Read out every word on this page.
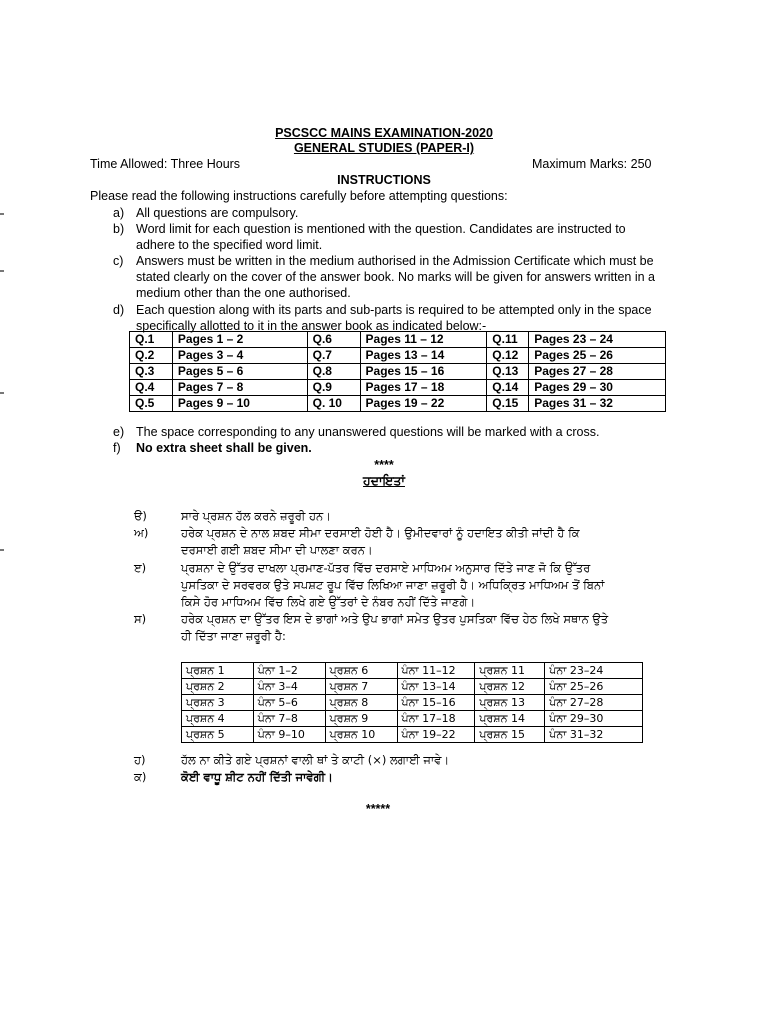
PSCSCC MAINS EXAMINATION-2020
GENERAL STUDIES (PAPER-I)
Time Allowed: Three Hours	Maximum Marks: 250
INSTRUCTIONS
Please read the following instructions carefully before attempting questions:
a) All questions are compulsory.
b) Word limit for each question is mentioned with the question. Candidates are instructed to
adhere to the specified word limit.
c) Answers must be written in the medium authorised in the Admission Certificate which must be
stated clearly on the cover of the answer book. No marks will be given for answers written in a
medium other than the one authorised.
d) Each question along with its parts and sub-parts is required to be attempted only in the space
specifically allotted to it in the answer book as indicated below:-
Q.1	Pages 1 – 2	Q.6	Pages 11 – 12	Q.11	Pages 23 – 24
Q.2	Pages 3 – 4	Q.7	Pages 13 – 14	Q.12	Pages 25 – 26
Q.3	Pages 5 – 6	Q.8	Pages 15 – 16	Q.13	Pages 27 – 28
Q.4	Pages 7 – 8	Q.9	Pages 17 – 18	Q.14	Pages 29 – 30
Q.5	Pages 9 – 10	Q. 10	Pages 19 – 22	Q.15	Pages 31 – 32
e) The space corresponding to any unanswered questions will be marked with a cross.
f) No extra sheet shall be given.
****
ਹਦਾਇਤਾਂ
ੳ)	ਸਾਰੇ ਪ੍ਰਸ਼ਨ ਹੱਲ ਕਰਨੇ ਜ਼ਰੂਰੀ ਹਨ।
ਅ)	ਹਰੇਕ ਪ੍ਰਸ਼ਨ ਦੇ ਨਾਲ ਸ਼ਬਦ ਸੀਮਾ ਦਰਸਾਈ ਹੋਈ ਹੈ। ਉਮੀਦਵਾਰਾਂ ਨੂੰ ਹਦਾਇਤ ਕੀਤੀ ਜਾਂਦੀ ਹੈ ਕਿ
ਦਰਸਾਈ ਗਈ ਸ਼ਬਦ ਸੀਮਾ ਦੀ ਪਾਲਣਾ ਕਰਨ।
ੲ)	ਪ੍ਰਸ਼ਨਾ ਦੇ ਉੱਤਰ ਦਾਖਲਾ ਪ੍ਰਮਾਣ-ਪੱਤਰ ਵਿੱਚ ਦਰਸਾਏ ਮਾਧਿਅਮ ਅਨੁਸਾਰ ਦਿੱਤੇ ਜਾਣ ਜੋ ਕਿ ਉੱਤਰ
ਪੁਸਤਿਕਾ ਦੇ ਸਰਵਰਕ ਉਤੇ ਸਪਸ਼ਟ ਰੂਪ ਵਿੱਚ ਲਿਖਿਆ ਜਾਣਾ ਜ਼ਰੂਰੀ ਹੈ। ਅਧਿਕ੍ਰਿਤ ਮਾਧਿਅਮ ਤੋਂ ਬਿਨਾਂ
ਕਿਸੇ ਹੋਰ ਮਾਧਿਅਮ ਵਿੱਚ ਲਿਖੇ ਗਏ ਉੱਤਰਾਂ ਦੇ ਨੰਬਰ ਨਹੀਂ ਦਿੱਤੇ ਜਾਣਗੇ।
ਸ)	ਹਰੇਕ ਪ੍ਰਸ਼ਨ ਦਾ ਉੱਤਰ ਇਸ ਦੇ ਭਾਗਾਂ ਅਤੇ ਉਪ ਭਾਗਾਂ ਸਮੇਤ ਉਤਰ ਪੁਸਤਿਕਾ ਵਿੱਚ ਹੇਠ ਲਿਖੇ ਸਥਾਨ ਉਤੇ
ਹੀ ਦਿੱਤਾ ਜਾਣਾ ਜ਼ਰੂਰੀ ਹੈ:
ਪ੍ਰਸ਼ਨ 1	ਪੰਨਾ 1–2	ਪ੍ਰਸ਼ਨ 6	ਪੰਨਾ 11–12	ਪ੍ਰਸ਼ਨ 11	ਪੰਨਾ 23–24
ਪ੍ਰਸ਼ਨ 2	ਪੰਨਾ 3–4	ਪ੍ਰਸ਼ਨ 7	ਪੰਨਾ 13–14	ਪ੍ਰਸ਼ਨ 12	ਪੰਨਾ 25–26
ਪ੍ਰਸ਼ਨ 3	ਪੰਨਾ 5–6	ਪ੍ਰਸ਼ਨ 8	ਪੰਨਾ 15–16	ਪ੍ਰਸ਼ਨ 13	ਪੰਨਾ 27–28
ਪ੍ਰਸ਼ਨ 4	ਪੰਨਾ 7–8	ਪ੍ਰਸ਼ਨ 9	ਪੰਨਾ 17–18	ਪ੍ਰਸ਼ਨ 14	ਪੰਨਾ 29–30
ਪ੍ਰਸ਼ਨ 5	ਪੰਨਾ 9–10	ਪ੍ਰਸ਼ਨ 10	ਪੰਨਾ 19–22	ਪ੍ਰਸ਼ਨ 15	ਪੰਨਾ 31–32
ਹ)	ਹੱਲ ਨਾ ਕੀਤੇ ਗਏ ਪ੍ਰਸ਼ਨਾਂ ਵਾਲੀ ਥਾਂ ਤੇ ਕਾਟੀ (×) ਲਗਾਈ ਜਾਵੇ।
ਕ)	ਕੋਈ ਵਾਧੂ ਸ਼ੀਟ ਨਹੀਂ ਦਿੱਤੀ ਜਾਵੇਗੀ।
*****
